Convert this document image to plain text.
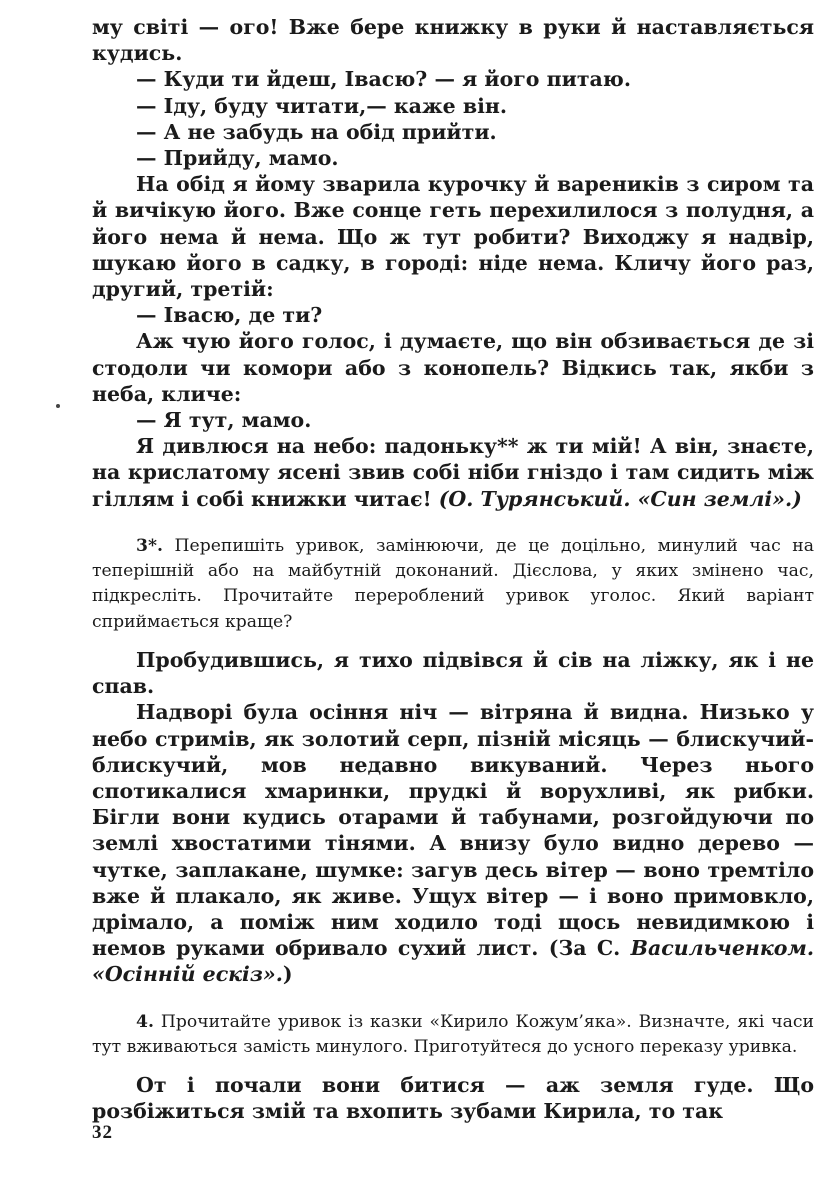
му світі — ого! Вже бере книжку в руки й наставляється кудись.
— Куди ти йдеш, Івасю? — я його питаю.
— Іду, буду читати,— каже він.
— А не забудь на обід прийти.
— Прийду, мамо.
На обід я йому зварила курочку й вареників з сиром та й вичікую його. Вже сонце геть перехилилося з полудня, а його нема й нема. Що ж тут робити? Виходжу я надвір, шукаю його в садку, в городі: ніде нема. Кличу його раз, другий, третій:
— Івасю, де ти?
Аж чую його голос, і думаєте, що він обзивається де зі стодоли чи комори або з конопель? Відкись так, якби з неба, кличе:
— Я тут, мамо.
Я дивлюся на небо: падоньку** ж ти мій! А він, знаєте, на крислатому ясені звив собі ніби гніздо і там сидить між гіллям і собі книжки читає! (О. Турянський. «Син землі».)
3*. Перепишіть уривок, замінюючи, де це доцільно, минулий час на теперішній або на майбутній доконаний. Дієслова, у яких змінено час, підкресліть. Прочитайте перероблений уривок уголос. Який варіант сприймається краще?
Пробудившись, я тихо підвівся й сів на ліжку, як і не спав.
Надворі була осіння ніч — вітряна й видна. Низько у небо стримів, як золотий серп, пізній місяць — блискучий-блискучий, мов недавно викуваний. Через нього спотикалися хмаринки, прудкі й ворухливі, як рибки. Бігли вони кудись отарами й табунами, розгойдуючи по землі хвостатими тінями. А внизу було видно дерево — чутке, заплакане, шумке: загув десь вітер — воно тремтіло вже й плакало, як живе. Ущух вітер — і воно примовкло, дрімало, а поміж ним ходило тоді щось невидимкою і немов руками обривало сухий лист. (За С. Васильченком. «Осінній ескіз».)
4. Прочитайте уривок із казки «Кирило Кожум’яка». Визначте, які часи тут вживаються замість минулого. Приготуйтеся до усного переказу уривка.
От і почали вони битися — аж земля гуде. Що розбіжиться змій та вхопить зубами Кирила, то так
32
